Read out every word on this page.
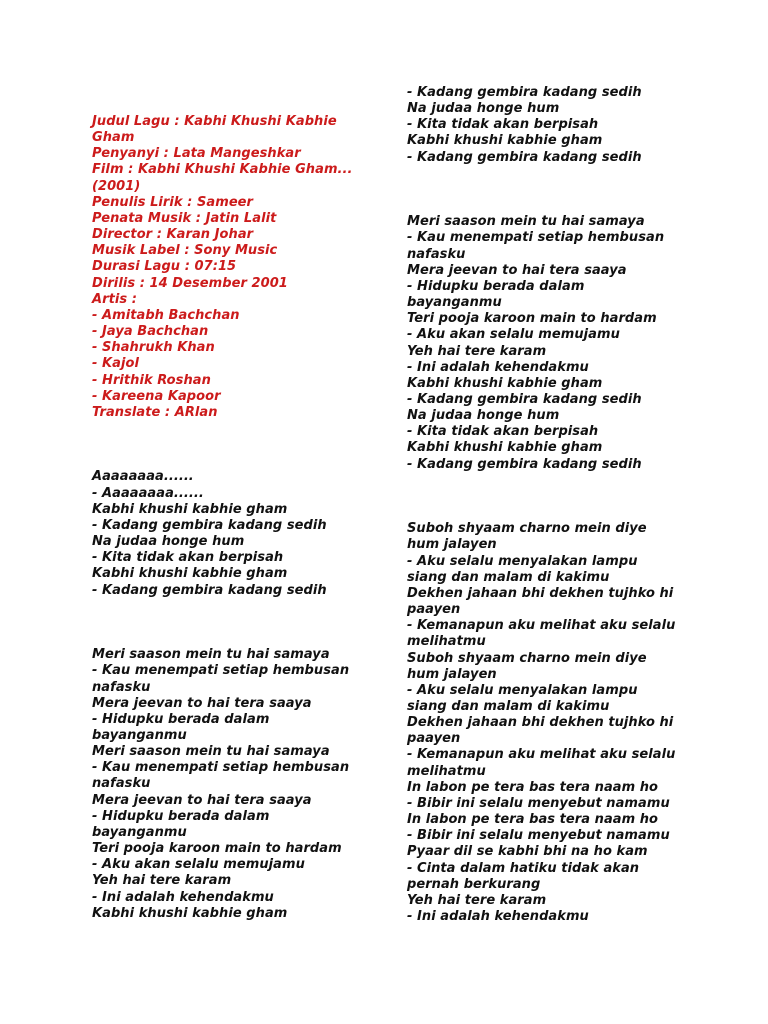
Judul Lagu : Kabhi Khushi Kabhie
Gham
Penyanyi : Lata Mangeshkar
Film : Kabhi Khushi Kabhie Gham...
(2001)
Penulis Lirik : Sameer
Penata Musik : Jatin Lalit
Director : Karan Johar
Musik Label : Sony Music
Durasi Lagu : 07:15
Dirilis : 14 Desember 2001
Artis :
- Amitabh Bachchan
- Jaya Bachchan
- Shahrukh Khan
- Kajol
- Hrithik Roshan
- Kareena Kapoor
Translate : ARlan
Aaaaaaaa......
- Aaaaaaaa......
Kabhi khushi kabhie gham
- Kadang gembira kadang sedih
Na judaa honge hum
- Kita tidak akan berpisah
Kabhi khushi kabhie gham
- Kadang gembira kadang sedih
Meri saason mein tu hai samaya
- Kau menempati setiap hembusan
nafasku
Mera jeevan to hai tera saaya
- Hidupku berada dalam
bayanganmu
Meri saason mein tu hai samaya
- Kau menempati setiap hembusan
nafasku
Mera jeevan to hai tera saaya
- Hidupku berada dalam
bayanganmu
Teri pooja karoon main to hardam
- Aku akan selalu memujamu
Yeh hai tere karam
- Ini adalah kehendakmu
Kabhi khushi kabhie gham
- Kadang gembira kadang sedih
Na judaa honge hum
- Kita tidak akan berpisah
Kabhi khushi kabhie gham
- Kadang gembira kadang sedih
Meri saason mein tu hai samaya
- Kau menempati setiap hembusan
nafasku
Mera jeevan to hai tera saaya
- Hidupku berada dalam
bayanganmu
Teri pooja karoon main to hardam
- Aku akan selalu memujamu
Yeh hai tere karam
- Ini adalah kehendakmu
Kabhi khushi kabhie gham
- Kadang gembira kadang sedih
Na judaa honge hum
- Kita tidak akan berpisah
Kabhi khushi kabhie gham
- Kadang gembira kadang sedih
Suboh shyaam charno mein diye
hum jalayen
- Aku selalu menyalakan lampu
siang dan malam di kakimu
Dekhen jahaan bhi dekhen tujhko hi
paayen
- Kemanapun aku melihat aku selalu
melihatmu
Suboh shyaam charno mein diye
hum jalayen
- Aku selalu menyalakan lampu
siang dan malam di kakimu
Dekhen jahaan bhi dekhen tujhko hi
paayen
- Kemanapun aku melihat aku selalu
melihatmu
In labon pe tera bas tera naam ho
- Bibir ini selalu menyebut namamu
In labon pe tera bas tera naam ho
- Bibir ini selalu menyebut namamu
Pyaar dil se kabhi bhi na ho kam
- Cinta dalam hatiku tidak akan
pernah berkurang
Yeh hai tere karam
- Ini adalah kehendakmu
